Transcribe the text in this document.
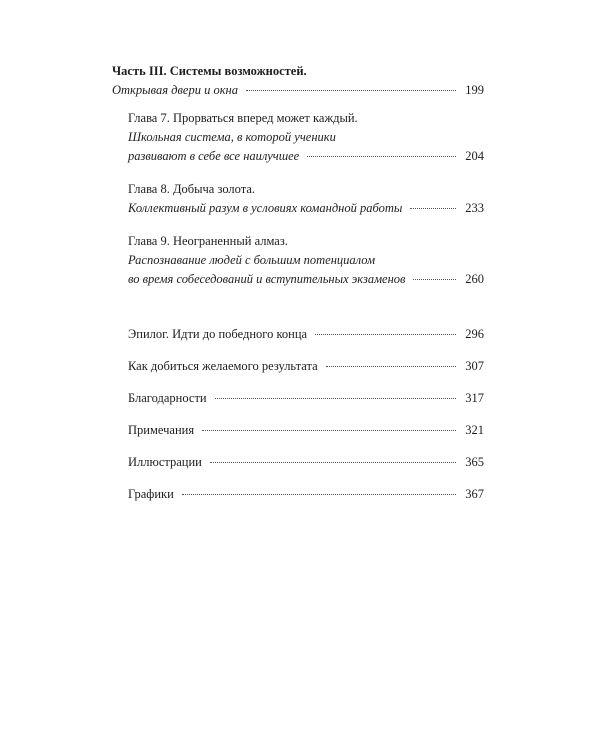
Часть III. Системы возможностей.
Открывая двери и окна	199
Глава 7. Прорваться вперед может каждый.
Школьная система, в которой ученики
развивают в себе все наилучшее	204
Глава 8. Добыча золота.
Коллективный разум в условиях командной работы	233
Глава 9. Неограненный алмаз.
Распознавание людей с большим потенциалом
во время собеседований и вступительных экзаменов	260
Эпилог. Идти до победного конца	296
Как добиться желаемого результата	307
Благодарности	317
Примечания	321
Иллюстрации	365
Графики	367
